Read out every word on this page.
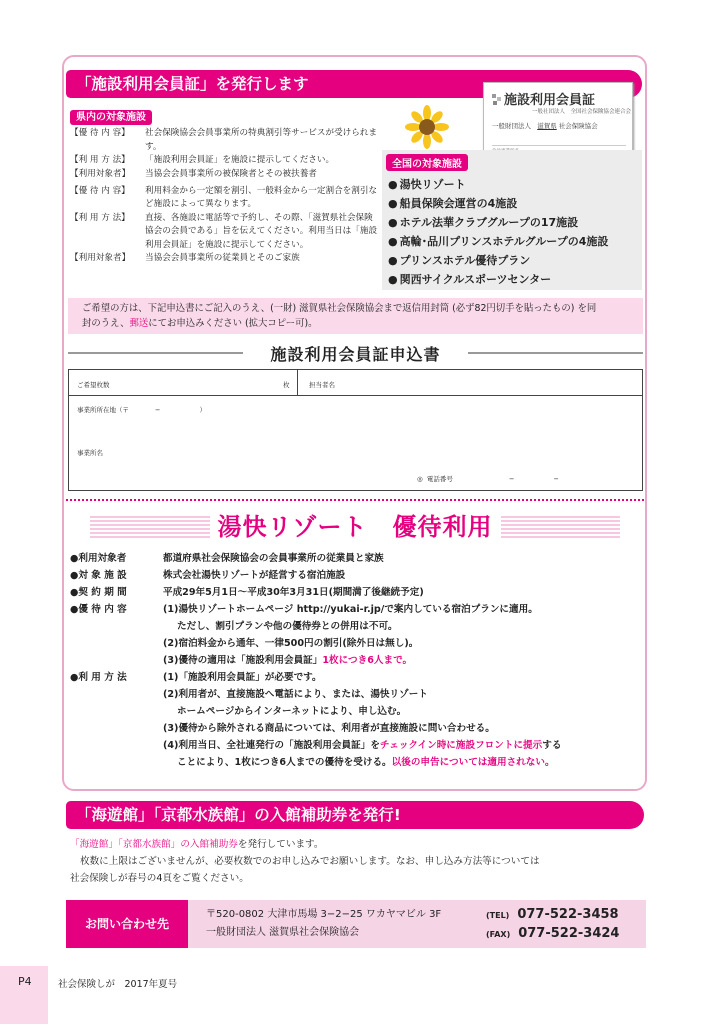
「施設利用会員証」を発行します
県内の対象施設
【優 待 内 容】	社会保険協会会員事業所の特典割引等サービスが受けられます。
【利 用 方 法】	「施設利用会員証」を施設に提示してください。
【利用対象者】	当協会会員事業所の被保険者とその被扶養者
【優 待 内 容】	利用料金から一定額を割引、一般料金から一定割合を割引など施設によって異なります。
【利 用 方 法】	直接、各施設に電話等で予約し、その際、「滋賀県社会保険協会の会員である」旨を伝えてください。利用当日は「施設利用会員証」を施設に提示してください。
【利用対象者】	当協会会員事業所の従業員とそのご家族
施設利用会員証
一般社団法人　全国社会保険協会連合会
一般財団法人 滋賀県 社会保険協会
● 湯快リゾート
● 船員保険会運営の4施設
● ホテル法華クラブグループの17施設
● 高輪･品川プリンスホテルグループの4施設
● プリンスホテル優待プラン
● 関西サイクルスポーツセンター
全国の対象施設
ご希望の方は、下記申込書にご記入のうえ、(一財) 滋賀県社会保険協会まで返信用封筒 (必ず82円切手を貼ったもの) を同
封のうえ、郵送にてお申込みください (拡大コピー可)。
施設利用会員証申込書
ご希望枚数	枚	担当者名
事業所所在地（〒　　　　−　　　　　　）
事業所名
◎ 電話番号	−　　　　　　−
湯快リゾート　優待利用
●利用対象者	都道府県社会保険協会の会員事業所の従業員と家族
●対 象 施 設	株式会社湯快リゾートが経営する宿泊施設
●契 約 期 間	平成29年5月1日〜平成30年3月31日(期間満了後継続予定)
●優 待 内 容	(1)湯快リゾートホームページ http://yukai-r.jp/で案内している宿泊プランに適用。
ただし、割引プランや他の優待券との併用は不可。
(2)宿泊料金から通年、一律500円の割引(除外日は無し)。
(3)優待の適用は「施設利用会員証」1枚につき6人まで。
●利 用 方 法	(1)「施設利用会員証」が必要です。
(2)利用者が、直接施設へ電話により、または、湯快リゾート
ホームページからインターネットにより、申し込む。
(3)優待から除外される商品については、利用者が直接施設に問い合わせる。
(4)利用当日、全社連発行の「施設利用会員証」をチェックイン時に施設フロントに提示する
ことにより、1枚につき6人までの優待を受ける。以後の申告については適用されない。
「海遊館」「京都水族館」の入館補助券を発行!
「海遊館」「京都水族館」の入館補助券を発行しています。
枚数に上限はございませんが、必要枚数でのお申し込みでお願いします。なお、申し込み方法等については
社会保険しが春号の4頁をご覧ください。
お問い合わせ先
〒520-0802 大津市馬場 3−2−25 ワカヤマビル 3F
一般財団法人 滋賀県社会保険協会
(TEL) 077-522-3458
(FAX) 077-522-3424
P4	社会保険しが　2017年夏号
